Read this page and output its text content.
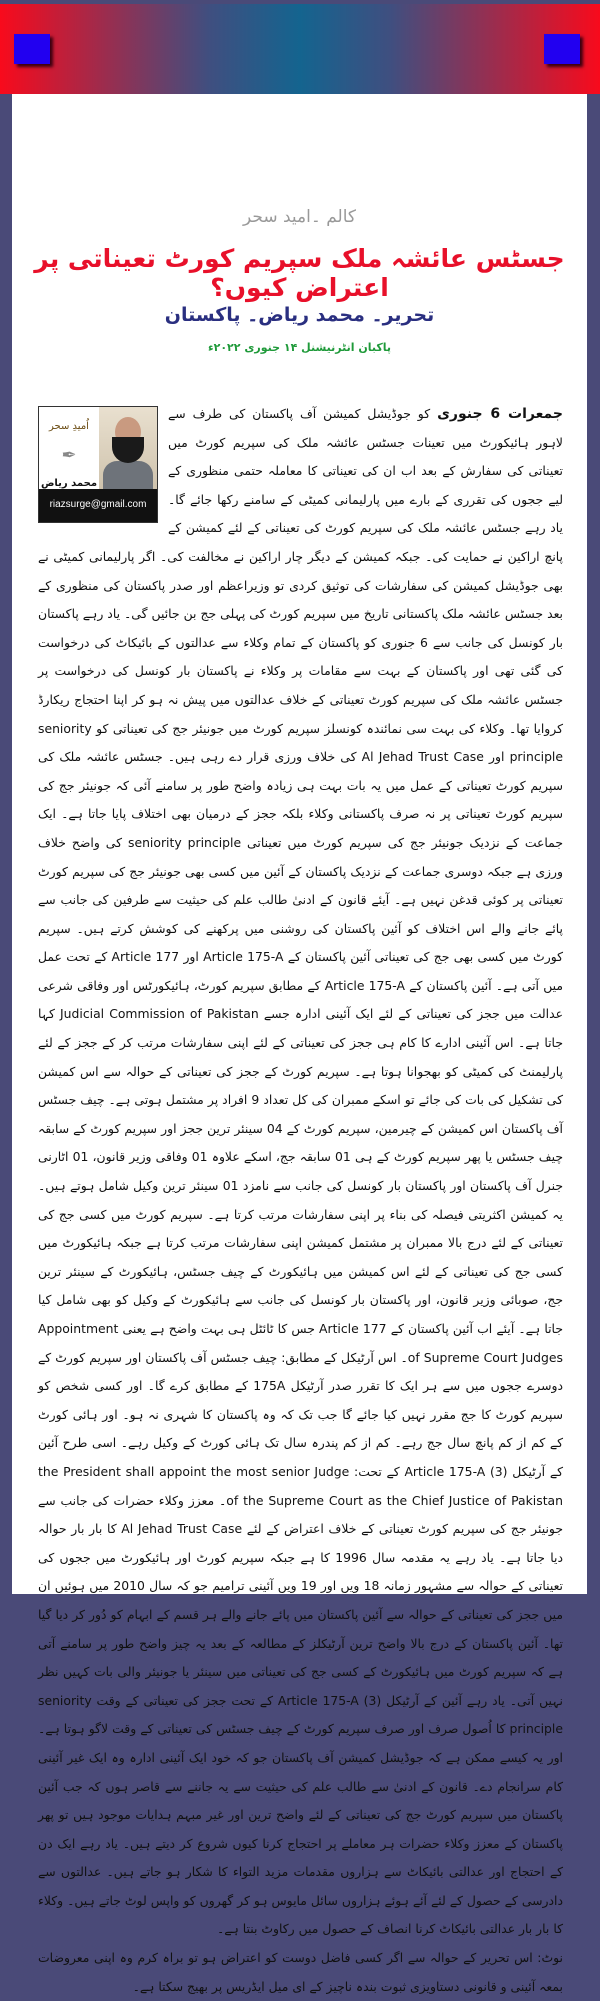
کالم ۔امید سحر
جسٹس عائشہ ملک سپریم کورٹ تعیناتی پر اعتراض کیوں؟
تحریر۔ محمد ریاض۔ پاکستان
پاکبان انٹرنیشنل ۱۴ جنوری ۲۰۲۲ء
اُمیدِ سحر
✒
محمد ریاض
riazsurge@gmail.com

جمعرات 6 جنوری کو جوڈیشل کمیشن آف پاکستان کی طرف سے لاہور ہائیکورٹ میں تعینات جسٹس عائشہ ملک کی سپریم کورٹ میں تعیناتی کی سفارش کے بعد اب ان کی تعیناتی کا معاملہ حتمی منظوری کے لیے ججوں کی تقرری کے بارے میں پارلیمانی کمیٹی کے سامنے رکھا جائے گا۔ یاد رہے جسٹس عائشہ ملک کی سپریم کورٹ کی تعیناتی کے لئے کمیشن کے پانچ اراکین نے حمایت کی۔ جبکہ کمیشن کے دیگر چار اراکین نے مخالفت کی۔ اگر پارلیمانی کمیٹی نے بھی جوڈیشل کمیشن کی سفارشات کی توثیق کردی تو وزیراعظم اور صدر پاکستان کی منظوری کے بعد جسٹس عائشہ ملک پاکستانی تاریخ میں سپریم کورٹ کی پہلی جج بن جائیں گی۔ یاد رہے پاکستان بار کونسل کی جانب سے 6 جنوری کو پاکستان کے تمام وکلاء سے عدالتوں کے بائیکاٹ کی درخواست کی گئی تھی اور پاکستان کے بہت سے مقامات پر وکلاء نے پاکستان بار کونسل کی درخواست پر جسٹس عائشہ ملک کی سپریم کورٹ تعیناتی کے خلاف عدالتوں میں پیش نہ ہو کر اپنا احتجاج ریکارڈ کروایا تھا۔ وکلاء کی بہت سی نمائندہ کونسلز سپریم کورٹ میں جونیئر جج کی تعیناتی کو seniority principle اور Al Jehad Trust Case کی خلاف ورزی قرار دے رہی ہیں۔ جسٹس عائشہ ملک کی سپریم کورٹ تعیناتی کے عمل میں یہ بات بہت ہی زیادہ واضح طور پر سامنے آئی کہ جونیئر جج کی سپریم کورٹ تعیناتی پر نہ صرف پاکستانی وکلاء بلکہ ججز کے درمیان بھی اختلاف پایا جاتا ہے۔ ایک جماعت کے نزدیک جونیئر جج کی سپریم کورٹ میں تعیناتی seniority principle کی واضح خلاف ورزی ہے جبکہ دوسری جماعت کے نزدیک پاکستان کے آئین میں کسی بھی جونیئر جج کی سپریم کورٹ تعیناتی پر کوئی قدغن نہیں ہے۔ آیئے قانون کے ادنیٰ طالب علم کی حیثیت سے طرفین کی جانب سے پائے جانے والے اس اختلاف کو آئین پاکستان کی روشنی میں پرکھنے کی کوشش کرتے ہیں۔ سپریم کورٹ میں کسی بھی جج کی تعیناتی آئین پاکستان کے Article 175-A اور Article 177 کے تحت عمل میں آتی ہے۔ آئین پاکستان کے Article 175-A کے مطابق سپریم کورٹ، ہائیکورٹس اور وفاقی شرعی عدالت میں ججز کی تعیناتی کے لئے ایک آئینی ادارہ جسے Judicial Commission of Pakistan کہا جاتا ہے۔ اس آئینی ادارے کا کام ہی ججز کی تعیناتی کے لئے اپنی سفارشات مرتب کر کے ججز کے لئے پارلیمنٹ کی کمیٹی کو بھجوانا ہوتا ہے۔ سپریم کورٹ کے ججز کی تعیناتی کے حوالہ سے اس کمیشن کی تشکیل کی بات کی جائے تو اسکے ممبران کی کل تعداد 9 افراد پر مشتمل ہوتی ہے۔ چیف جسٹس آف پاکستان اس کمیشن کے چیرمین، سپریم کورٹ کے 04 سینئر ترین ججز اور سپریم کورٹ کے سابقہ چیف جسٹس یا پھر سپریم کورٹ کے ہی 01 سابقہ جج، اسکے علاوہ 01 وفاقی وزیر قانون، 01 اٹارنی جنرل آف پاکستان اور پاکستان بار کونسل کی جانب سے نامزد 01 سینئر ترین وکیل شامل ہوتے ہیں۔ یہ کمیشن اکثریتی فیصلہ کی بناء پر اپنی سفارشات مرتب کرتا ہے۔ سپریم کورٹ میں کسی جج کی تعیناتی کے لئے درج بالا ممبران پر مشتمل کمیشن اپنی سفارشات مرتب کرتا ہے جبکہ ہائیکورٹ میں کسی جج کی تعیناتی کے لئے اس کمیشن میں ہائیکورٹ کے چیف جسٹس، ہائیکورٹ کے سینئر ترین جج، صوبائی وزیر قانون، اور پاکستان بار کونسل کی جانب سے ہائیکورٹ کے وکیل کو بھی شامل کیا جاتا ہے۔ آیئے اب آئین پاکستان کے Article 177 جس کا ٹائٹل ہی بہت واضح ہے یعنی Appointment of Supreme Court Judges۔ اس آرٹیکل کے مطابق: چیف جسٹس آف پاکستان اور سپریم کورٹ کے دوسرے ججوں میں سے ہر ایک کا تقرر صدر آرٹیکل 175A کے مطابق کرے گا۔ اور کسی شخص کو سپریم کورٹ کا جج مقرر نہیں کیا جائے گا جب تک کہ وہ پاکستان کا شہری نہ ہو۔ اور ہائی کورٹ کے کم از کم پانچ سال جج رہے۔ کم از کم پندرہ سال تک ہائی کورٹ کے وکیل رہے۔ اسی طرح آئین کے آرٹیکل Article 175-A (3) کے تحت: the President shall appoint the most senior Judge of the Supreme Court as the Chief Justice of Pakistan۔ معزز وکلاء حضرات کی جانب سے جونیئر جج کی سپریم کورٹ تعیناتی کے خلاف اعتراض کے لئے Al Jehad Trust Case کا بار بار حوالہ دیا جاتا ہے۔ یاد رہے یہ مقدمہ سال 1996 کا ہے جبکہ سپریم کورٹ اور ہائیکورٹ میں ججوں کی تعیناتی کے حوالہ سے مشہور زمانہ 18 ویں اور 19 ویں آئینی ترامیم جو کہ سال 2010 میں ہوئیں ان میں ججز کی تعیناتی کے حوالہ سے آئین پاکستان میں پائے جانے والے ہر قسم کے ابہام کو دُور کر دیا گیا تھا۔ آئین پاکستان کے درج بالا واضح ترین آرٹیکلز کے مطالعہ کے بعد یہ چیز واضح طور پر سامنے آتی ہے کہ سپریم کورٹ میں ہائیکورٹ کے کسی جج کی تعیناتی میں سینئر یا جونیئر والی بات کہیں نظر نہیں آتی۔ یاد رہے آئین کے آرٹیکل Article 175-A (3) کے تحت ججز کی تعیناتی کے وقت seniority principle کا اُصول صرف اور صرف سپریم کورٹ کے چیف جسٹس کی تعیناتی کے وقت لاگو ہوتا ہے۔ اور یہ کیسے ممکن ہے کہ جوڈیشل کمیشن آف پاکستان جو کہ خود ایک آئینی ادارہ وہ ایک غیر آئینی کام سرانجام دے۔ قانون کے ادنیٰ سے طالب علم کی حیثیت سے یہ جاننے سے قاصر ہوں کہ جب آئین پاکستان میں سپریم کورٹ جج کی تعیناتی کے لئے واضح ترین اور غیر مبہم ہدایات موجود ہیں تو پھر پاکستان کے معزز وکلاء حضرات ہر معاملے پر احتجاج کرنا کیوں شروع کر دیتے ہیں۔ یاد رہے ایک دن کے احتجاج اور عدالتی بائیکاٹ سے ہزاروں مقدمات مزید التواء کا شکار ہو جاتے ہیں۔ عدالتوں سے دادرسی کے حصول کے لئے آئے ہوئے ہزاروں سائل مایوس ہو کر گھروں کو واپس لوٹ جاتے ہیں۔ وکلاء کا بار بار عدالتی بائیکاٹ کرنا انصاف کے حصول میں رکاوٹ بنتا ہے۔

نوٹ: اس تحریر کے حوالہ سے اگر کسی فاضل دوست کو اعتراض ہو تو براہ کرم وہ اپنی معروضات بمعہ آئینی و قانونی دستاویزی ثبوت بندہ ناچیز کے ای میل ایڈریس پر بھیج سکتا ہے۔
